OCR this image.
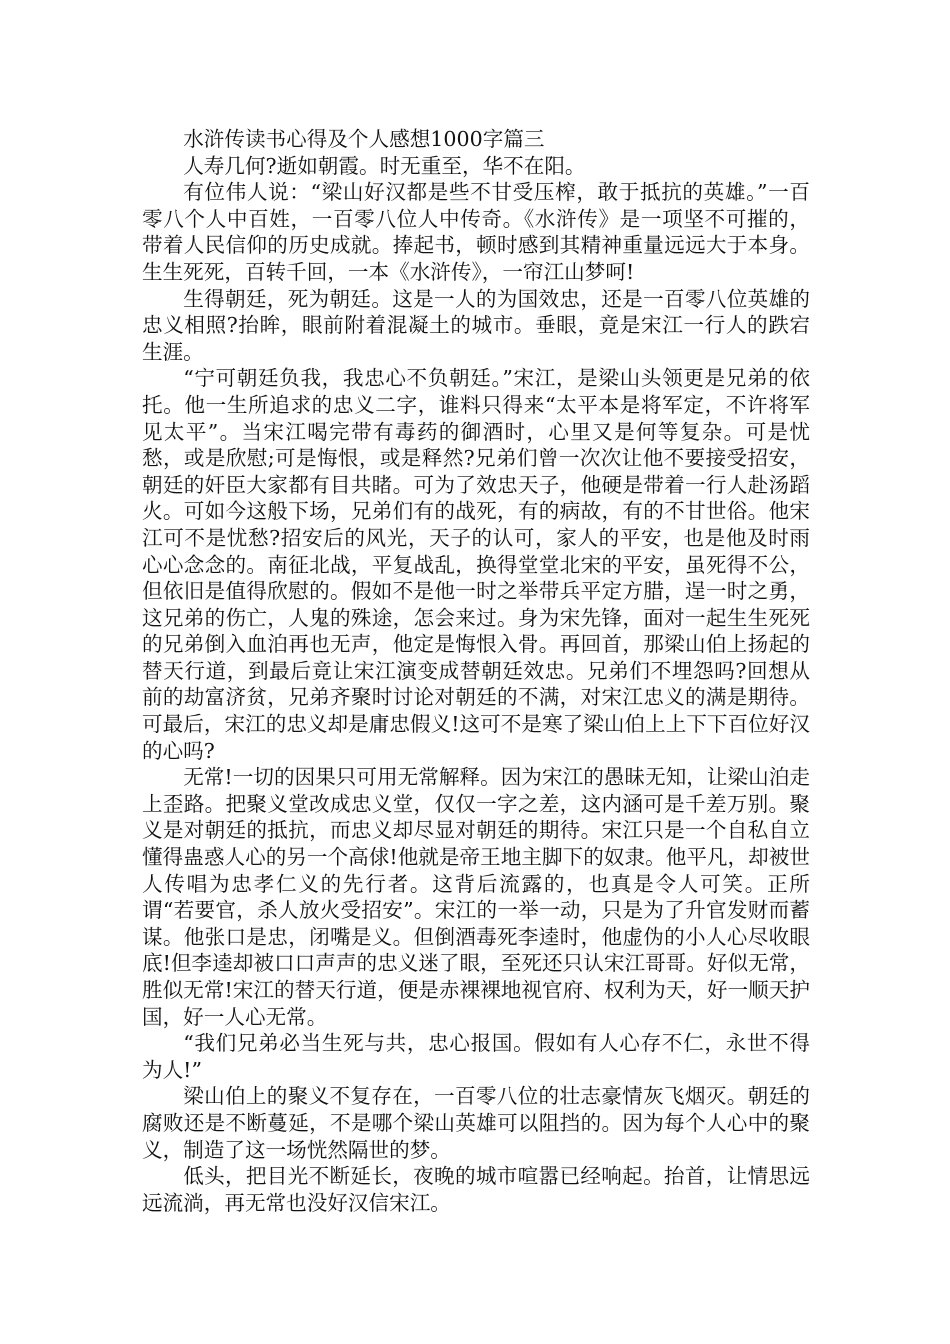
水浒传读书心得及个人感想1000字篇三

人寿几何?逝如朝霞。时无重至，华不在阳。

有位伟人说：“梁山好汉都是些不甘受压榨，敢于抵抗的英雄。”一百零八个人中百姓，一百零八位人中传奇。《水浒传》是一项坚不可摧的，带着人民信仰的历史成就。捧起书，顿时感到其精神重量远远大于本身。生生死死，百转千回，一本《水浒传》，一帘江山梦呵!

生得朝廷，死为朝廷。这是一人的为国效忠，还是一百零八位英雄的忠义相照?抬眸，眼前附着混凝土的城市。垂眼，竟是宋江一行人的跌宕生涯。

“宁可朝廷负我，我忠心不负朝廷。”宋江，是梁山头领更是兄弟的依托。他一生所追求的忠义二字，谁料只得来“太平本是将军定，不许将军见太平”。当宋江喝完带有毒药的御酒时，心里又是何等复杂。可是忧愁，或是欣慰;可是悔恨，或是释然?兄弟们曾一次次让他不要接受招安，朝廷的奸臣大家都有目共睹。可为了效忠天子，他硬是带着一行人赴汤蹈火。可如今这般下场，兄弟们有的战死，有的病故，有的不甘世俗。他宋江可不是忧愁?招安后的风光，天子的认可，家人的平安，也是他及时雨心心念念的。南征北战，平复战乱，换得堂堂北宋的平安，虽死得不公，但依旧是值得欣慰的。假如不是他一时之举带兵平定方腊，逞一时之勇，这兄弟的伤亡，人鬼的殊途，怎会来过。身为宋先锋，面对一起生生死死的兄弟倒入血泊再也无声，他定是悔恨入骨。再回首，那梁山伯上扬起的替天行道，到最后竟让宋江演变成替朝廷效忠。兄弟们不埋怨吗?回想从前的劫富济贫，兄弟齐聚时讨论对朝廷的不满，对宋江忠义的满是期待。可最后，宋江的忠义却是庸忠假义!这可不是寒了梁山伯上上下下百位好汉的心吗?

无常!一切的因果只可用无常解释。因为宋江的愚昧无知，让梁山泊走上歪路。把聚义堂改成忠义堂，仅仅一字之差，这内涵可是千差万别。聚义是对朝廷的抵抗，而忠义却尽显对朝廷的期待。宋江只是一个自私自立懂得蛊惑人心的另一个高俅!他就是帝王地主脚下的奴隶。他平凡，却被世人传唱为忠孝仁义的先行者。这背后流露的，也真是令人可笑。正所谓“若要官，杀人放火受招安”。宋江的一举一动，只是为了升官发财而蓄谋。他张口是忠，闭嘴是义。但倒酒毒死李逵时，他虚伪的小人心尽收眼底!但李逵却被口口声声的忠义迷了眼，至死还只认宋江哥哥。好似无常，胜似无常!宋江的替天行道，便是赤裸裸地视官府、权利为天，好一顺天护国，好一人心无常。

“我们兄弟必当生死与共，忠心报国。假如有人心存不仁，永世不得为人!”

梁山伯上的聚义不复存在，一百零八位的壮志豪情灰飞烟灭。朝廷的腐败还是不断蔓延，不是哪个梁山英雄可以阻挡的。因为每个人心中的聚义，制造了这一场恍然隔世的梦。

低头，把目光不断延长，夜晚的城市喧嚣已经响起。抬首，让情思远远流淌，再无常也没好汉信宋江。
